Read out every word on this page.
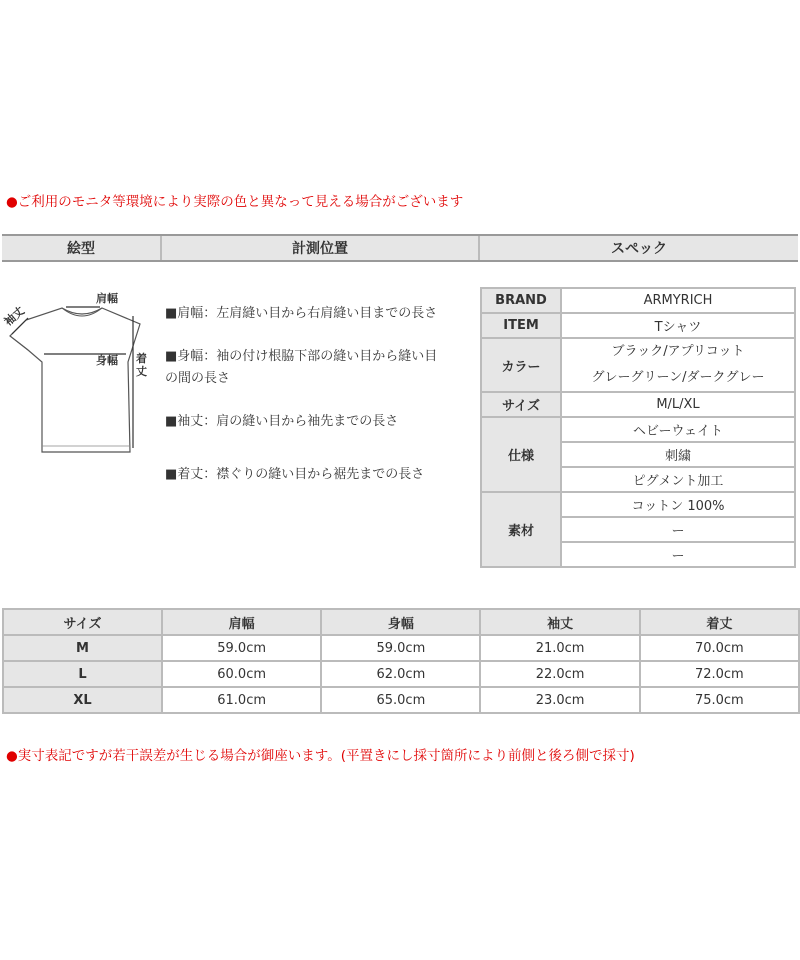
●ご利用のモニタ等環境により実際の色と異なって見える場合がございます
絵型	計測位置	スペック
肩幅
袖丈
身幅 着
丈
■肩幅：左肩縫い目から右肩縫い目までの長さ
■身幅：袖の付け根脇下部の縫い目から縫い目
の間の長さ
■袖丈：肩の縫い目から袖先までの長さ
■着丈：襟ぐりの縫い目から裾先までの長さ
BRAND	ARMYRICH
ITEM	Tシャツ
カラー	ブラック/アプリコット
グレーグリーン/ダークグレー

サイズ	M/L/XL
仕様	ヘビーウェイト
	刺繍
	ピグメント加工
素材	コットン 100%
	ー
	ー
サイズ	肩幅	身幅	袖丈	着丈
M	59.0cm	59.0cm	21.0cm	70.0cm
L	60.0cm	62.0cm	22.0cm	72.0cm
XL	61.0cm	65.0cm	23.0cm	75.0cm
●実寸表記ですが若干誤差が生じる場合が御座います。(平置きにし採寸箇所により前側と後ろ側で採寸)
